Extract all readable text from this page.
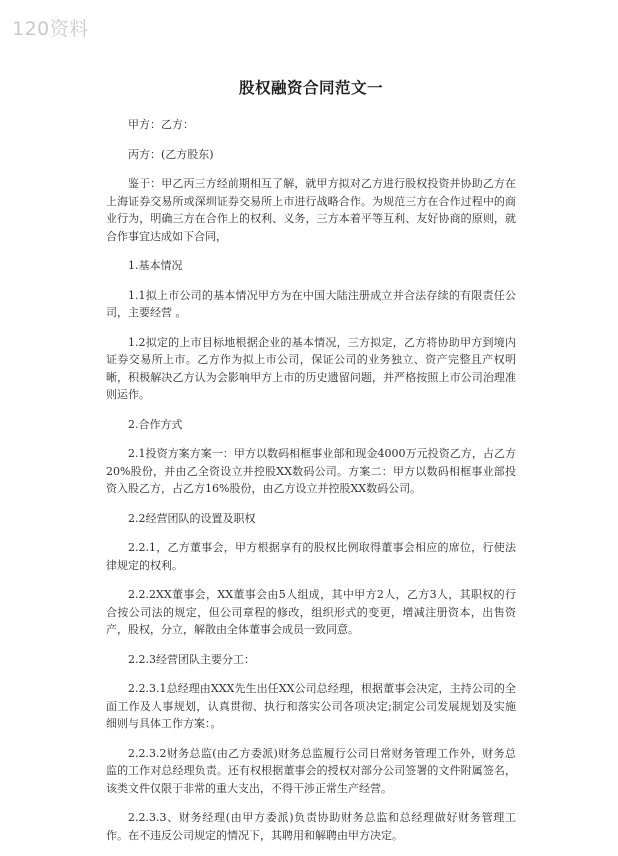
120资料
股权融资合同范文一

甲方：乙方：

丙方：(乙方股东)

鉴于：甲乙丙三方经前期相互了解，就甲方拟对乙方进行股权投资并协助乙方在上海证券交易所或深圳证券交易所上市进行战略合作。为规范三方在合作过程中的商业行为，明确三方在合作上的权利、义务，三方本着平等互利、友好协商的原则，就合作事宜达成如下合同，

1.基本情况

1.1拟上市公司的基本情况甲方为在中国大陆注册成立并合法存续的有限责任公司，主要经营 。

1.2拟定的上市目标地根据企业的基本情况，三方拟定，乙方将协助甲方到境内证券交易所上市。乙方作为拟上市公司，保证公司的业务独立、资产完整且产权明晰，积极解决乙方认为会影响甲方上市的历史遗留问题，并严格按照上市公司治理准则运作。

2.合作方式

2.1投资方案方案一：甲方以数码相框事业部和现金4000万元投资乙方，占乙方20%股份，并由乙全资设立并控股XX数码公司。方案二：甲方以数码相框事业部投资入股乙方，占乙方16%股份，由乙方设立并控股XX数码公司。

2.2经营团队的设置及职权

2.2.1，乙方董事会，甲方根据享有的股权比例取得董事会相应的席位，行使法律规定的权利。

2.2.2XX董事会，XX董事会由5人组成，其中甲方2人，乙方3人，其职权的行合按公司法的规定，但公司章程的修改，组织形式的变更，增减注册资本，出售资产，股权，分立，解散由全体董事会成员一致同意。

2.2.3经营团队主要分工：

2.2.3.1总经理由XXX先生出任XX公司总经理，根据董事会决定，主持公司的全面工作及人事规划，认真贯彻、执行和落实公司各项决定;制定公司发展规划及实施细则与具体工作方案：。

2.2.3.2财务总监(由乙方委派)财务总监履行公司日常财务管理工作外，财务总监的工作对总经理负责。还有权根据董事会的授权对部分公司签署的文件附属签名，该类文件仅限于非常的重大支出，不得干涉正常生产经营。

2.2.3.3、财务经理(由甲方委派)负责协助财务总监和总经理做好财务管理工作。在不违反公司规定的情况下，其聘用和解聘由甲方决定。
